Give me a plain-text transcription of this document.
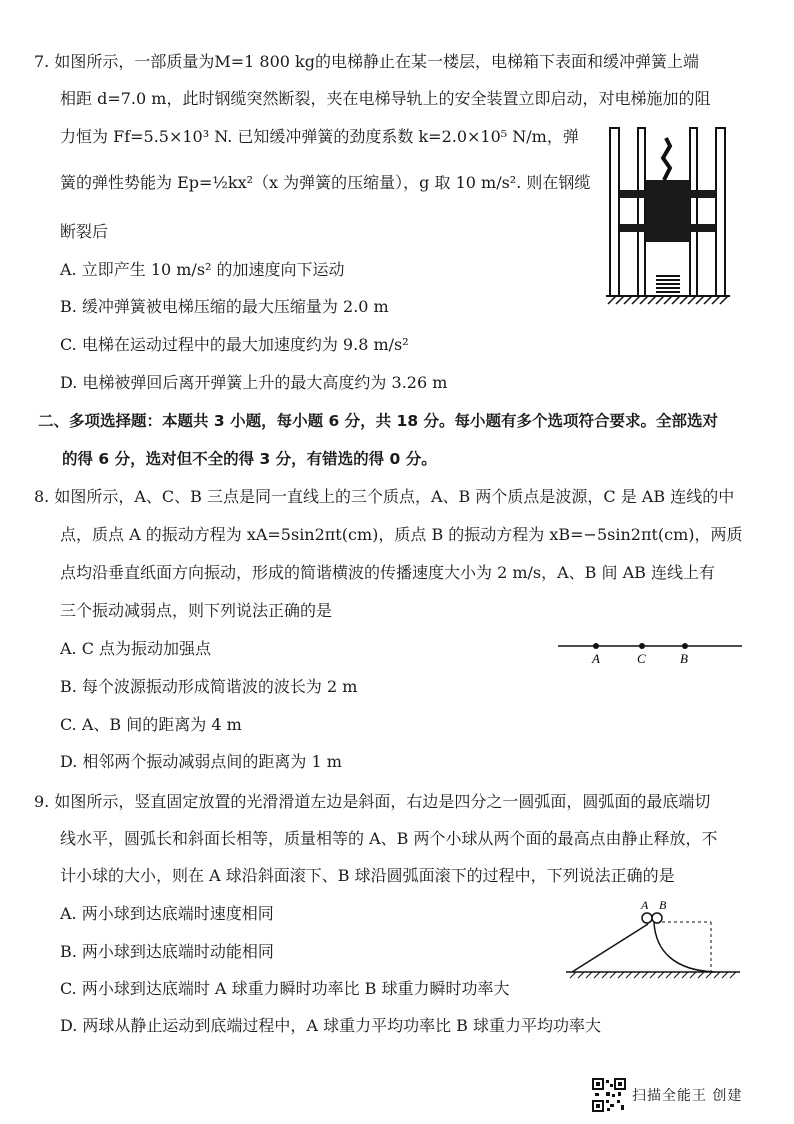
7. 如图所示，一部质量为M=1 800 kg的电梯静止在某一楼层，电梯箱下表面和缓冲弹簧上端
相距 d=7.0 m，此时钢缆突然断裂，夹在电梯导轨上的安全装置立即启动，对电梯施加的阻
力恒为 Ff=5.5×10³ N. 已知缓冲弹簧的劲度系数 k=2.0×10⁵ N/m，弹
簧的弹性势能为 Ep=½kx²（x 为弹簧的压缩量），g 取 10 m/s². 则在钢缆
断裂后
A. 立即产生 10 m/s² 的加速度向下运动
B. 缓冲弹簧被电梯压缩的最大压缩量为 2.0 m
C. 电梯在运动过程中的最大加速度约为 9.8 m/s²
D. 电梯被弹回后离开弹簧上升的最大高度约为 3.26 m
二、多项选择题：本题共 3 小题，每小题 6 分，共 18 分。每小题有多个选项符合要求。全部选对
的得 6 分，选对但不全的得 3 分，有错选的得 0 分。
8. 如图所示，A、C、B 三点是同一直线上的三个质点，A、B 两个质点是波源，C 是 AB 连线的中
点，质点 A 的振动方程为 xA=5sin2πt(cm)，质点 B 的振动方程为 xB=−5sin2πt(cm)，两质
点均沿垂直纸面方向振动，形成的简谐横波的传播速度大小为 2 m/s，A、B 间 AB 连线上有
三个振动减弱点，则下列说法正确的是
A. C 点为振动加强点
B. 每个波源振动形成简谐波的波长为 2 m
C. A、B 间的距离为 4 m
D. 相邻两个振动减弱点间的距离为 1 m
A	C	B
9. 如图所示，竖直固定放置的光滑滑道左边是斜面，右边是四分之一圆弧面，圆弧面的最底端切
线水平，圆弧长和斜面长相等，质量相等的 A、B 两个小球从两个面的最高点由静止释放，不
计小球的大小，则在 A 球沿斜面滚下、B 球沿圆弧面滚下的过程中，下列说法正确的是
A. 两小球到达底端时速度相同
B. 两小球到达底端时动能相同
C. 两小球到达底端时 A 球重力瞬时功率比 B 球重力瞬时功率大
D. 两球从静止运动到底端过程中，A 球重力平均功率比 B 球重力平均功率大
A B
扫描全能王 创建
